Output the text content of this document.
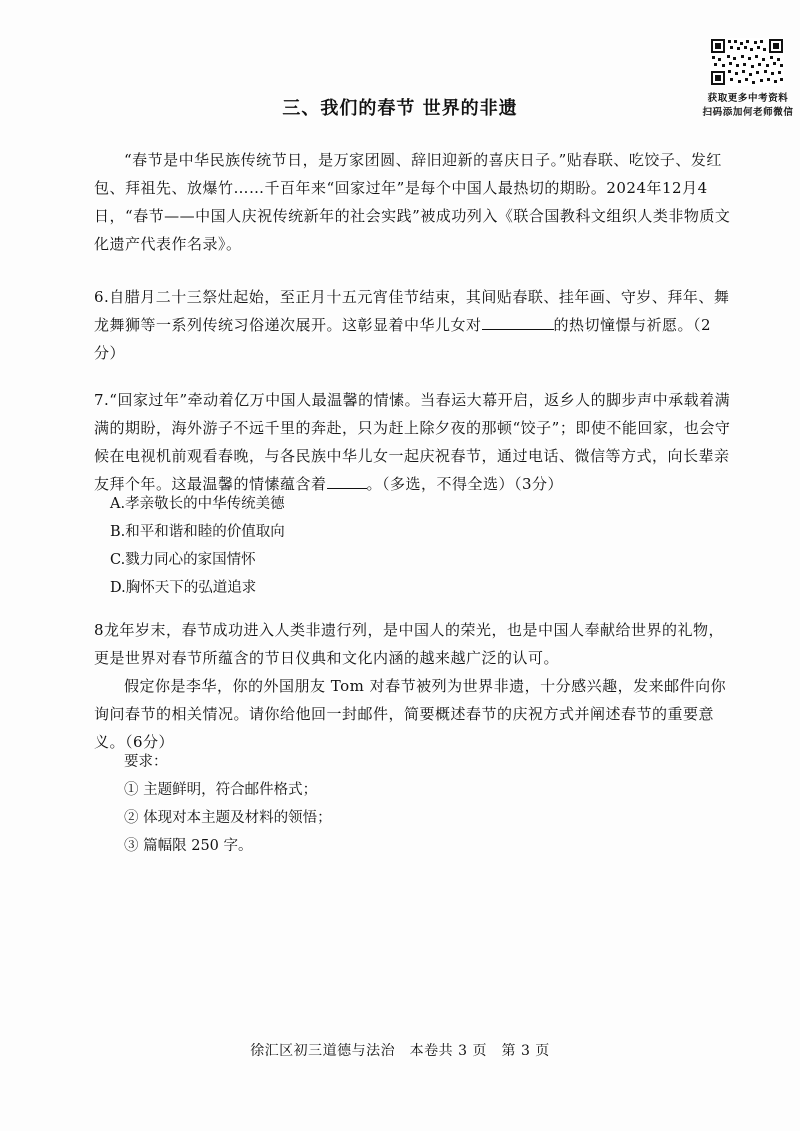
获取更多中考资料
扫码添加何老师微信
三、我们的春节 世界的非遗
“春节是中华民族传统节日，是万家团圆、辞旧迎新的喜庆日子。”贴春联、吃饺子、发红包、拜祖先、放爆竹……千百年来“回家过年”是每个中国人最热切的期盼。2024年12月4日，“春节——中国人庆祝传统新年的社会实践”被成功列入《联合国教科文组织人类非物质文化遗产代表作名录》。
6.自腊月二十三祭灶起始，至正月十五元宵佳节结束，其间贴春联、挂年画、守岁、拜年、舞龙舞狮等一系列传统习俗递次展开。这彰显着中华儿女对	的热切憧憬与祈愿。（2分）
7.“回家过年”牵动着亿万中国人最温馨的情愫。当春运大幕开启，返乡人的脚步声中承载着满满的期盼，海外游子不远千里的奔赴，只为赶上除夕夜的那顿“饺子”；即使不能回家，也会守候在电视机前观看春晚，与各民族中华儿女一起庆祝春节，通过电话、微信等方式，向长辈亲友拜个年。这最温馨的情愫蕴含着	。（多选，不得全选）（3分）
A.孝亲敬长的中华传统美德
B.和平和谐和睦的价值取向
C.戮力同心的家国情怀
D.胸怀天下的弘道追求
8龙年岁末，春节成功进入人类非遗行列，是中国人的荣光，也是中国人奉献给世界的礼物，更是世界对春节所蕴含的节日仪典和文化内涵的越来越广泛的认可。
假定你是李华，你的外国朋友 Tom 对春节被列为世界非遗，十分感兴趣，发来邮件向你询问春节的相关情况。请你给他回一封邮件，简要概述春节的庆祝方式并阐述春节的重要意义。（6分）
要求：
① 主题鲜明，符合邮件格式；
② 体现对本主题及材料的领悟；
③ 篇幅限 250 字。
徐汇区初三道德与法治　本卷共 3 页　第 3 页
